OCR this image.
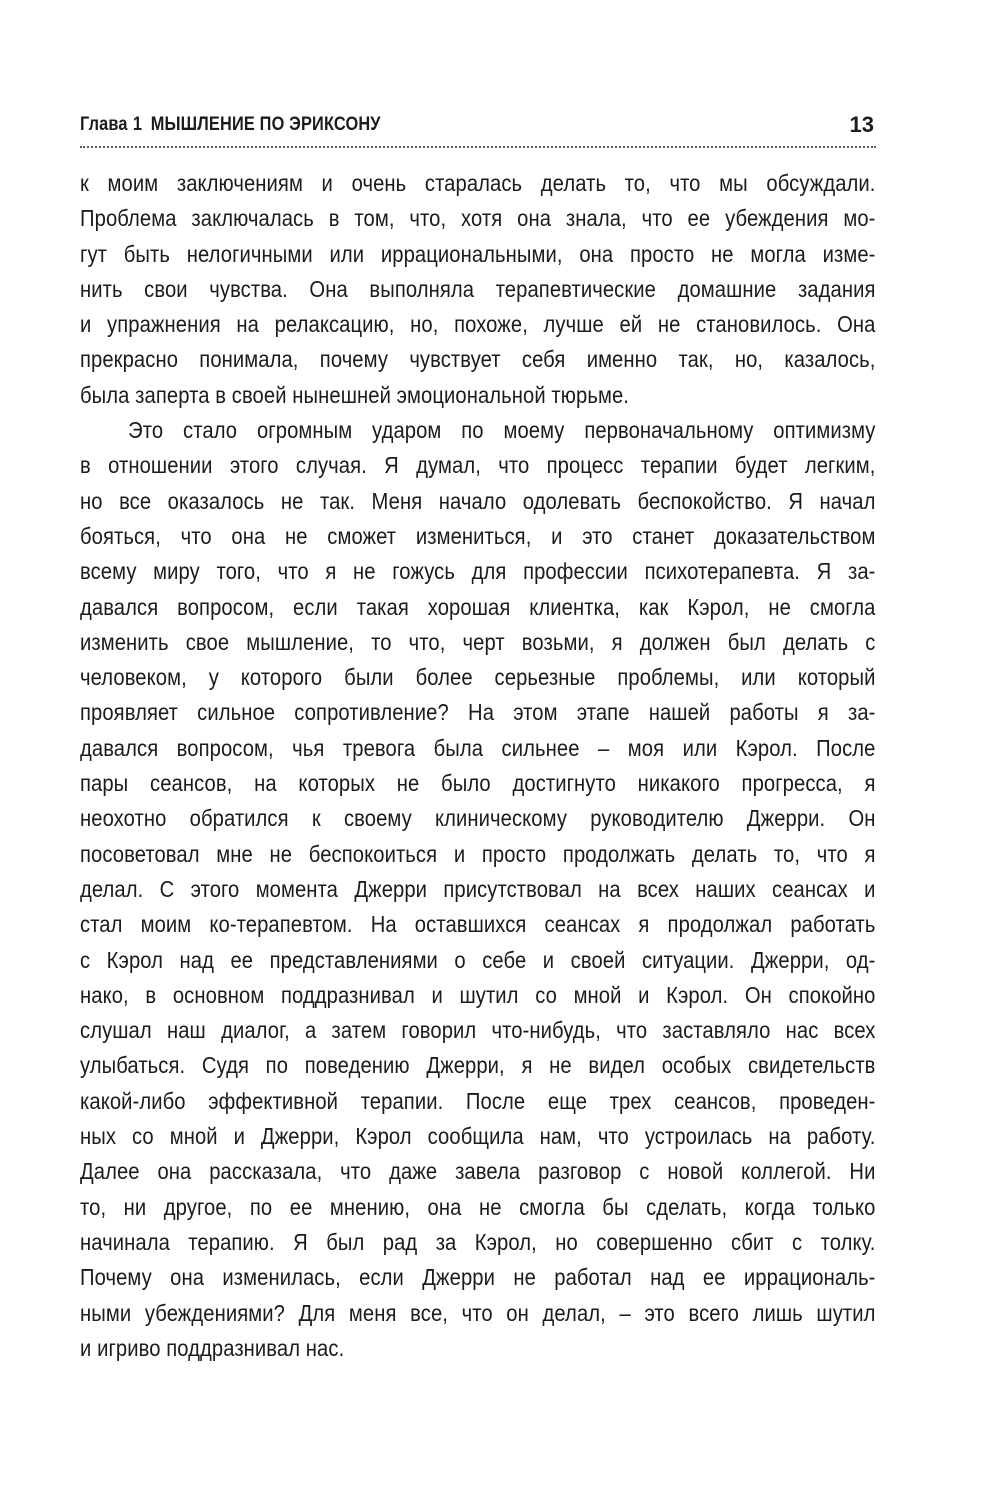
Глава 1 МЫШЛЕНИЕ ПО ЭРИКСОНУ	13
к моим заключениям и очень старалась делать то, что мы обсуждали.
Проблема заключалась в том, что, хотя она знала, что ее убеждения мо-
гут быть нелогичными или иррациональными, она просто не могла изме-
нить свои чувства. Она выполняла терапевтические домашние задания
и упражнения на релаксацию, но, похоже, лучше ей не становилось. Она
прекрасно понимала, почему чувствует себя именно так, но, казалось,
была заперта в своей нынешней эмоциональной тюрьме.
Это стало огромным ударом по моему первоначальному оптимизму
в отношении этого случая. Я думал, что процесс терапии будет легким,
но все оказалось не так. Меня начало одолевать беспокойство. Я начал
бояться, что она не сможет измениться, и это станет доказательством
всему миру того, что я не гожусь для профессии психотерапевта. Я за-
давался вопросом, если такая хорошая клиентка, как Кэрол, не смогла
изменить свое мышление, то что, черт возьми, я должен был делать с
человеком, у которого были более серьезные проблемы, или который
проявляет сильное сопротивление? На этом этапе нашей работы я за-
давался вопросом, чья тревога была сильнее – моя или Кэрол. После
пары сеансов, на которых не было достигнуто никакого прогресса, я
неохотно обратился к своему клиническому руководителю Джерри. Он
посоветовал мне не беспокоиться и просто продолжать делать то, что я
делал. С этого момента Джерри присутствовал на всех наших сеансах и
стал моим ко-терапевтом. На оставшихся сеансах я продолжал работать
с Кэрол над ее представлениями о себе и своей ситуации. Джерри, од-
нако, в основном поддразнивал и шутил со мной и Кэрол. Он спокойно
слушал наш диалог, а затем говорил что-нибудь, что заставляло нас всех
улыбаться. Судя по поведению Джерри, я не видел особых свидетельств
какой-либо эффективной терапии. После еще трех сеансов, проведен-
ных со мной и Джерри, Кэрол сообщила нам, что устроилась на работу.
Далее она рассказала, что даже завела разговор с новой коллегой. Ни
то, ни другое, по ее мнению, она не смогла бы сделать, когда только
начинала терапию. Я был рад за Кэрол, но совершенно сбит с толку.
Почему она изменилась, если Джерри не работал над ее иррациональ-
ными убеждениями? Для меня все, что он делал, – это всего лишь шутил
и игриво поддразнивал нас.
